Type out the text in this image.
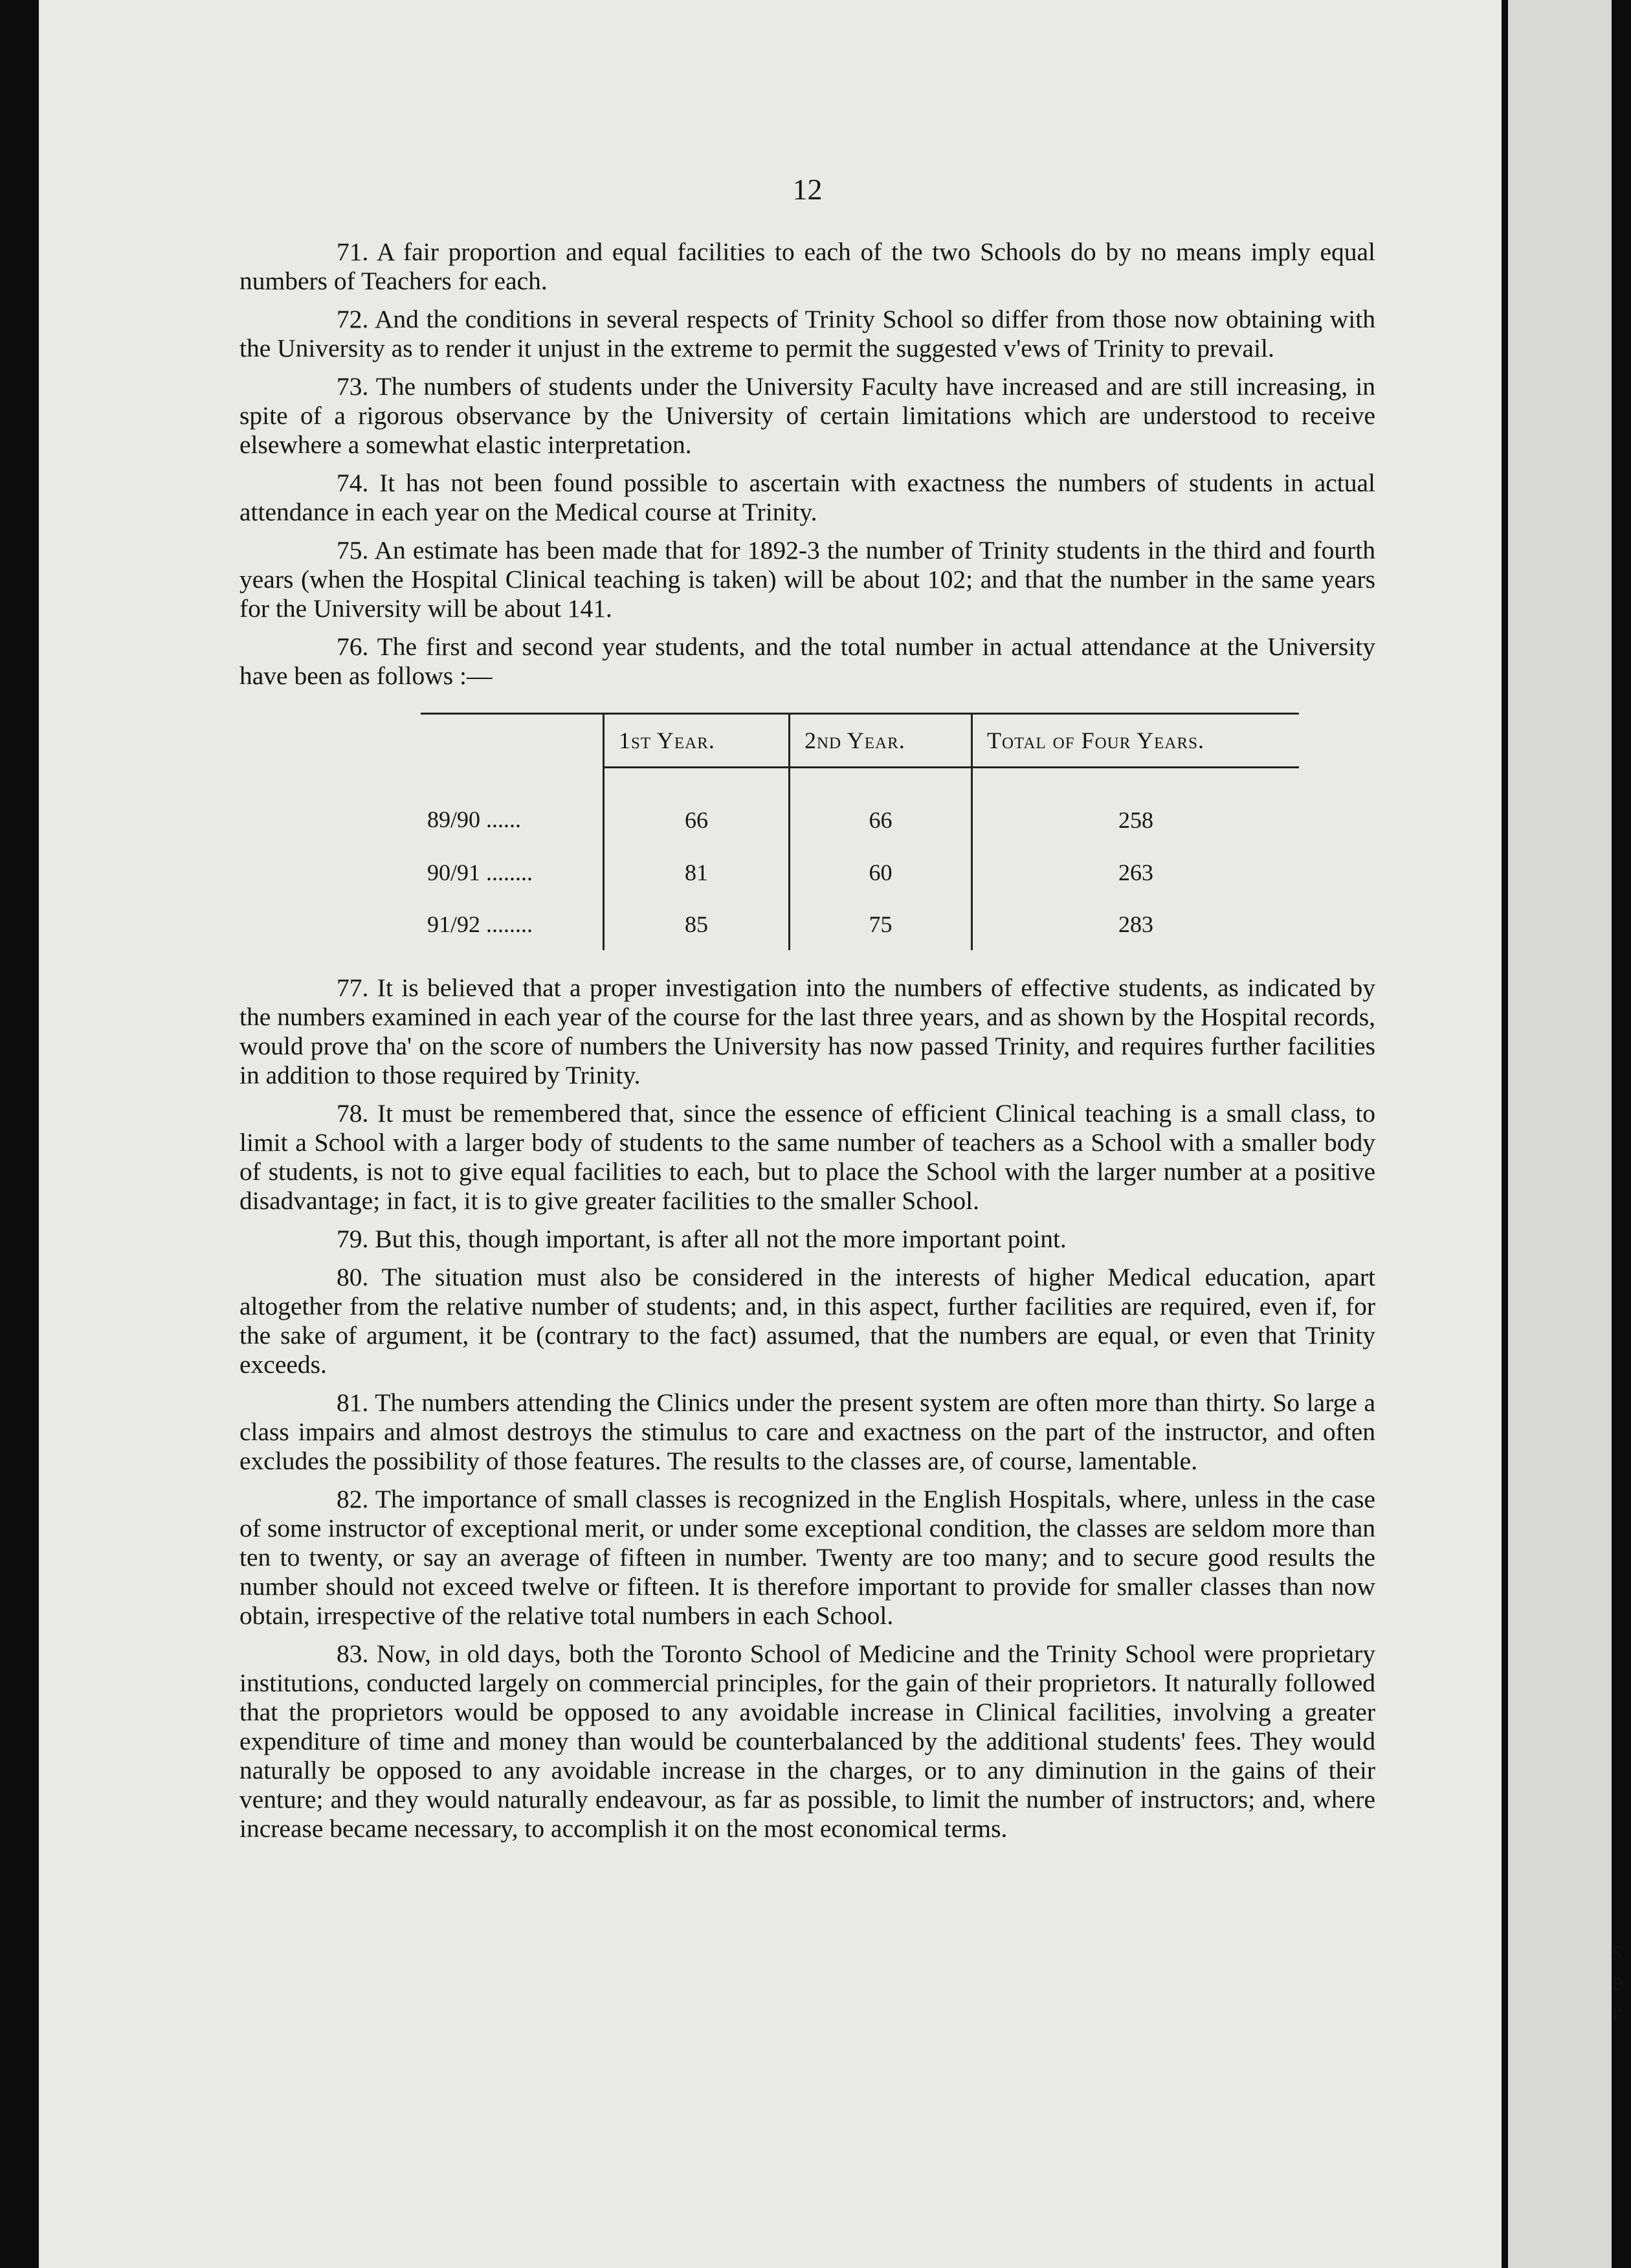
s
e
r
12

71. A fair proportion and equal facilities to each of the two Schools do by no means imply equal numbers of Teachers for each.

72. And the conditions in several respects of Trinity School so differ from those now obtaining with the University as to render it unjust in the extreme to permit the suggested v'ews of Trinity to prevail.

73. The numbers of students under the University Faculty have increased and are still increasing, in spite of a rigorous observance by the University of certain limitations which are understood to receive elsewhere a somewhat elastic interpretation.

74. It has not been found possible to ascertain with exactness the numbers of students in actual attendance in each year on the Medical course at Trinity.

75. An estimate has been made that for 1892-3 the number of Trinity students in the third and fourth years (when the Hospital Clinical teaching is taken) will be about 102; and that the number in the same years for the University will be about 141.

76. The first and second year students, and the total number in actual attendance at the University have been as follows :—

	1st Year.	2nd Year.	Total of Four Years.
89/90 ......	66	66	258
90/91 ........	81	60	263
91/92 ........	85	75	283

77. It is believed that a proper investigation into the numbers of effective students, as indicated by the numbers examined in each year of the course for the last three years, and as shown by the Hospital records, would prove tha' on the score of numbers the University has now passed Trinity, and requires further facilities in addition to those required by Trinity.

78. It must be remembered that, since the essence of efficient Clinical teaching is a small class, to limit a School with a larger body of students to the same number of teachers as a School with a smaller body of students, is not to give equal facilities to each, but to place the School with the larger number at a positive disadvantage; in fact, it is to give greater facilities to the smaller School.

79. But this, though important, is after all not the more important point.

80. The situation must also be considered in the interests of higher Medical education, apart altogether from the relative number of students; and, in this aspect, further facilities are required, even if, for the sake of argument, it be (contrary to the fact) assumed, that the numbers are equal, or even that Trinity exceeds.

81. The numbers attending the Clinics under the present system are often more than thirty. So large a class impairs and almost destroys the stimulus to care and exactness on the part of the instructor, and often excludes the possibility of those features. The results to the classes are, of course, lamentable.

82. The importance of small classes is recognized in the English Hospitals, where, unless in the case of some instructor of exceptional merit, or under some exceptional condition, the classes are seldom more than ten to twenty, or say an average of fifteen in number. Twenty are too many; and to secure good results the number should not exceed twelve or fifteen. It is therefore important to provide for smaller classes than now obtain, irrespective of the relative total numbers in each School.

83. Now, in old days, both the Toronto School of Medicine and the Trinity School were proprietary institutions, conducted largely on commercial principles, for the gain of their proprietors. It naturally followed that the proprietors would be opposed to any avoidable increase in Clinical facilities, involving a greater expenditure of time and money than would be counterbalanced by the additional students' fees. They would naturally be opposed to any avoidable increase in the charges, or to any diminution in the gains of their venture; and they would naturally endeavour, as far as possible, to limit the number of instructors; and, where increase became necessary, to accomplish it on the most economical terms.
